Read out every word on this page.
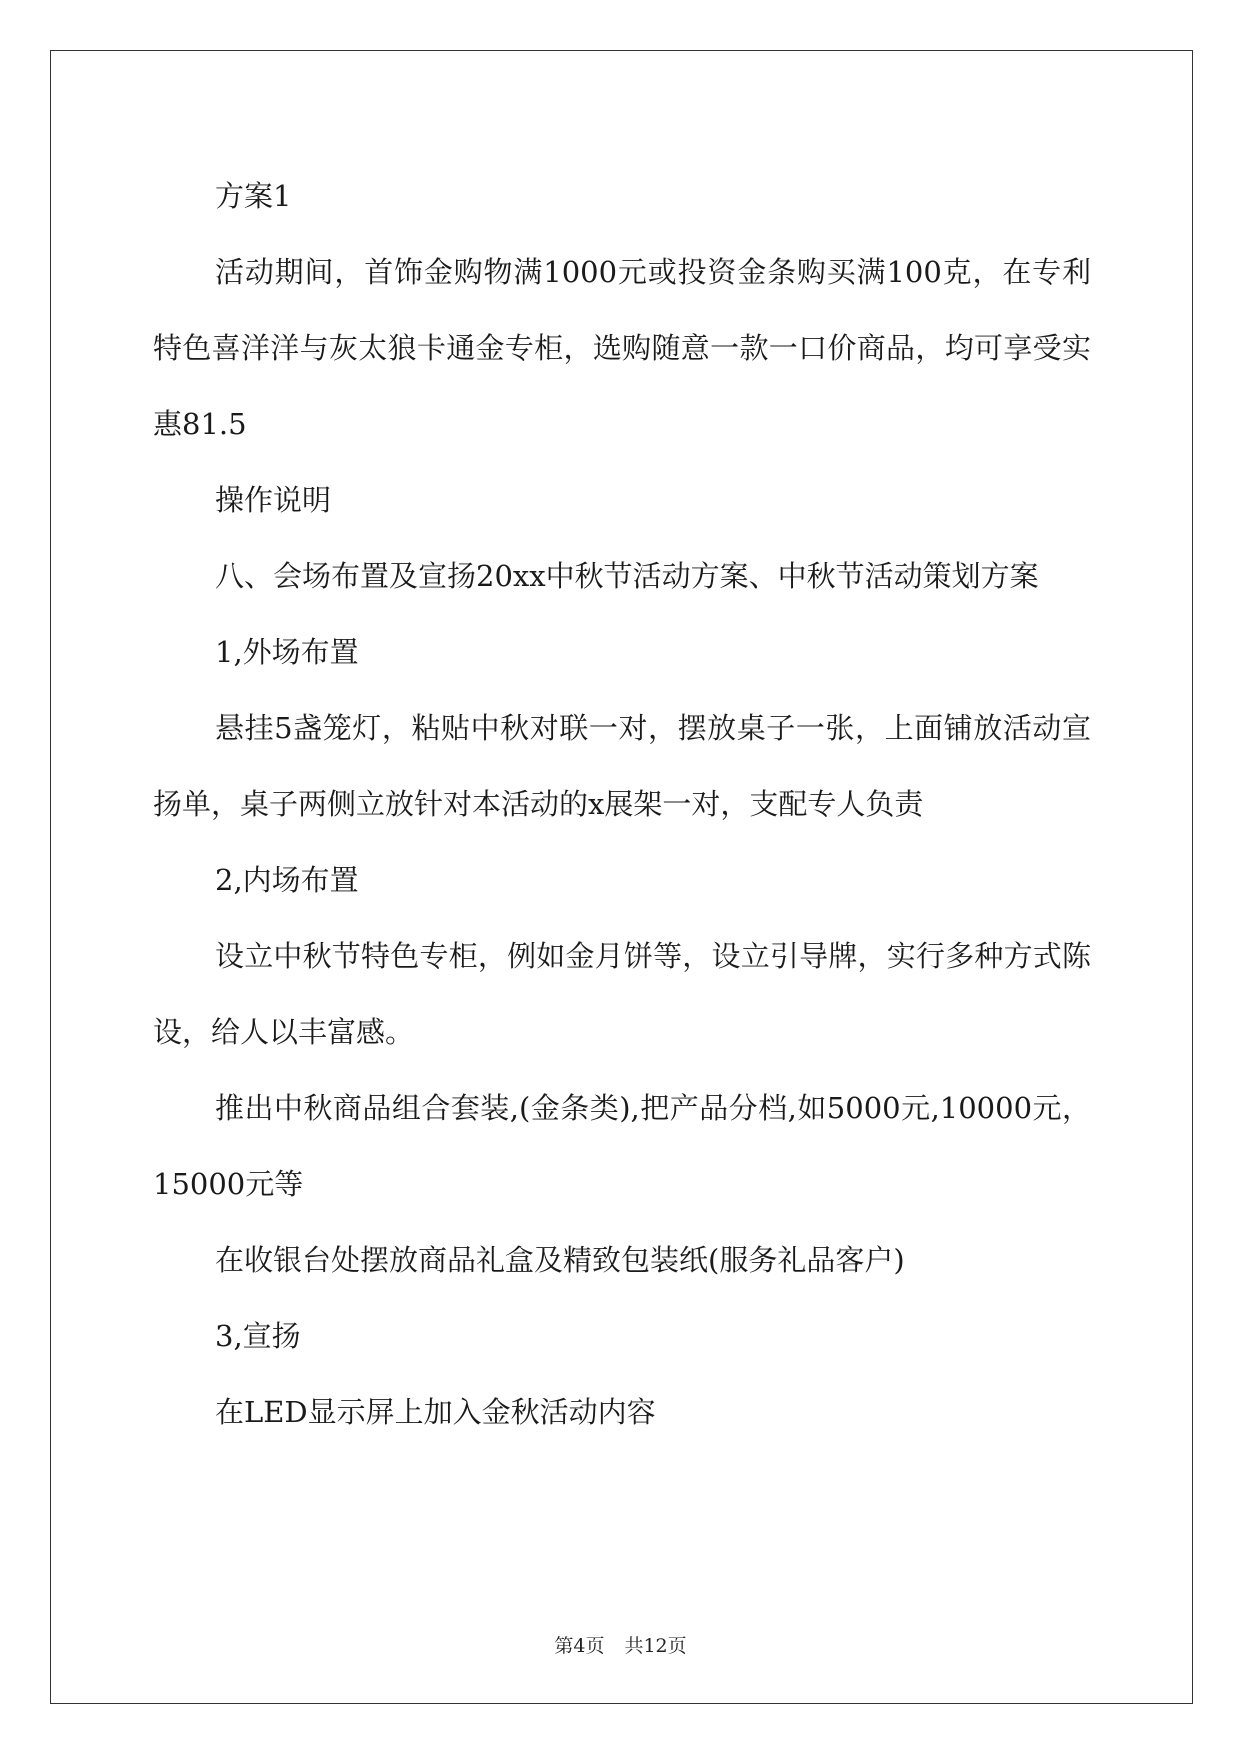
方案1

活动期间，首饰金购物满1000元或投资金条购买满100克，在专利特色喜洋洋与灰太狼卡通金专柜，选购随意一款一口价商品，均可享受实惠81.5

操作说明

八、会场布置及宣扬20xx中秋节活动方案、中秋节活动策划方案

1,外场布置

悬挂5盏笼灯，粘贴中秋对联一对，摆放桌子一张，上面铺放活动宣扬单，桌子两侧立放针对本活动的x展架一对，支配专人负责

2,内场布置

设立中秋节特色专柜，例如金月饼等，设立引导牌，实行多种方式陈设，给人以丰富感。

推出中秋商品组合套装,(金条类),把产品分档,如5000元,10000元，15000元等

在收银台处摆放商品礼盒及精致包装纸(服务礼品客户)

3,宣扬

在LED显示屏上加入金秋活动内容

第4页 共12页
